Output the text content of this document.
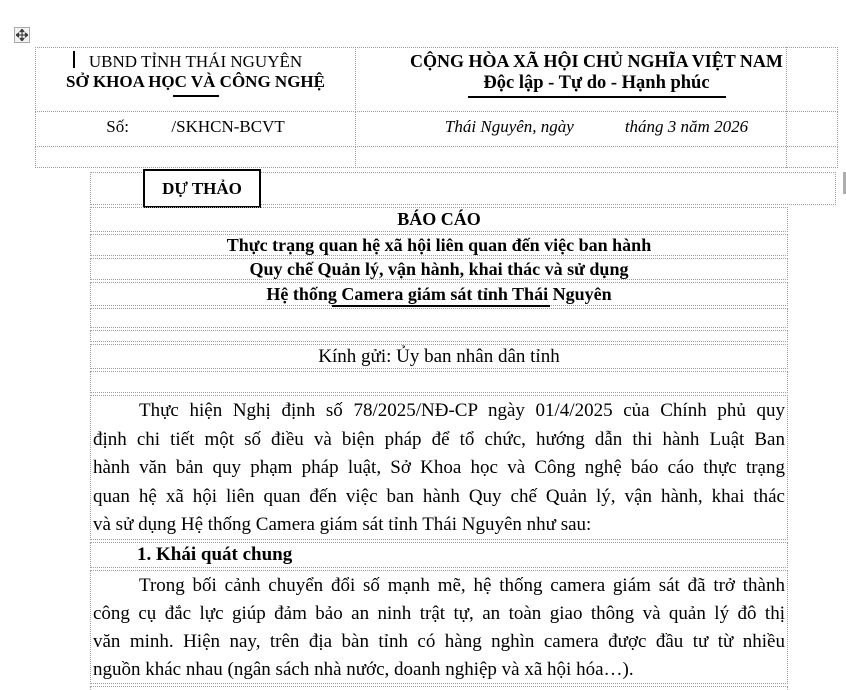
UBND TỈNH THÁI NGUYÊN
SỞ KHOA HỌC VÀ CÔNG NGHỆ
CỘNG HÒA XÃ HỘI CHỦ NGHĨA VIỆT NAM
Độc lập - Tự do - Hạnh phúc
Số:          /SKHCN-BCVT	Thái Nguyên, ngày            tháng 3 năm 2026
DỰ THẢO
BÁO CÁO
Thực trạng quan hệ xã hội liên quan đến việc ban hành
Quy chế Quản lý, vận hành, khai thác và sử dụng
Hệ thống Camera giám sát tỉnh Thái Nguyên
Kính gửi: Ủy ban nhân dân tỉnh
Thực hiện Nghị định số 78/2025/NĐ-CP ngày 01/4/2025 của Chính phủ quy
định chi tiết một số điều và biện pháp để tổ chức, hướng dẫn thi hành Luật Ban
hành văn bản quy phạm pháp luật, Sở Khoa học và Công nghệ báo cáo thực trạng
quan hệ xã hội liên quan đến việc ban hành Quy chế Quản lý, vận hành, khai thác
và sử dụng Hệ thống Camera giám sát tỉnh Thái Nguyên như sau:
1. Khái quát chung
Trong bối cảnh chuyển đổi số mạnh mẽ, hệ thống camera giám sát đã trở thành
công cụ đắc lực giúp đảm bảo an ninh trật tự, an toàn giao thông và quản lý đô thị
văn minh. Hiện nay, trên địa bàn tỉnh có hàng nghìn camera được đầu tư từ nhiều
nguồn khác nhau (ngân sách nhà nước, doanh nghiệp và xã hội hóa…).
